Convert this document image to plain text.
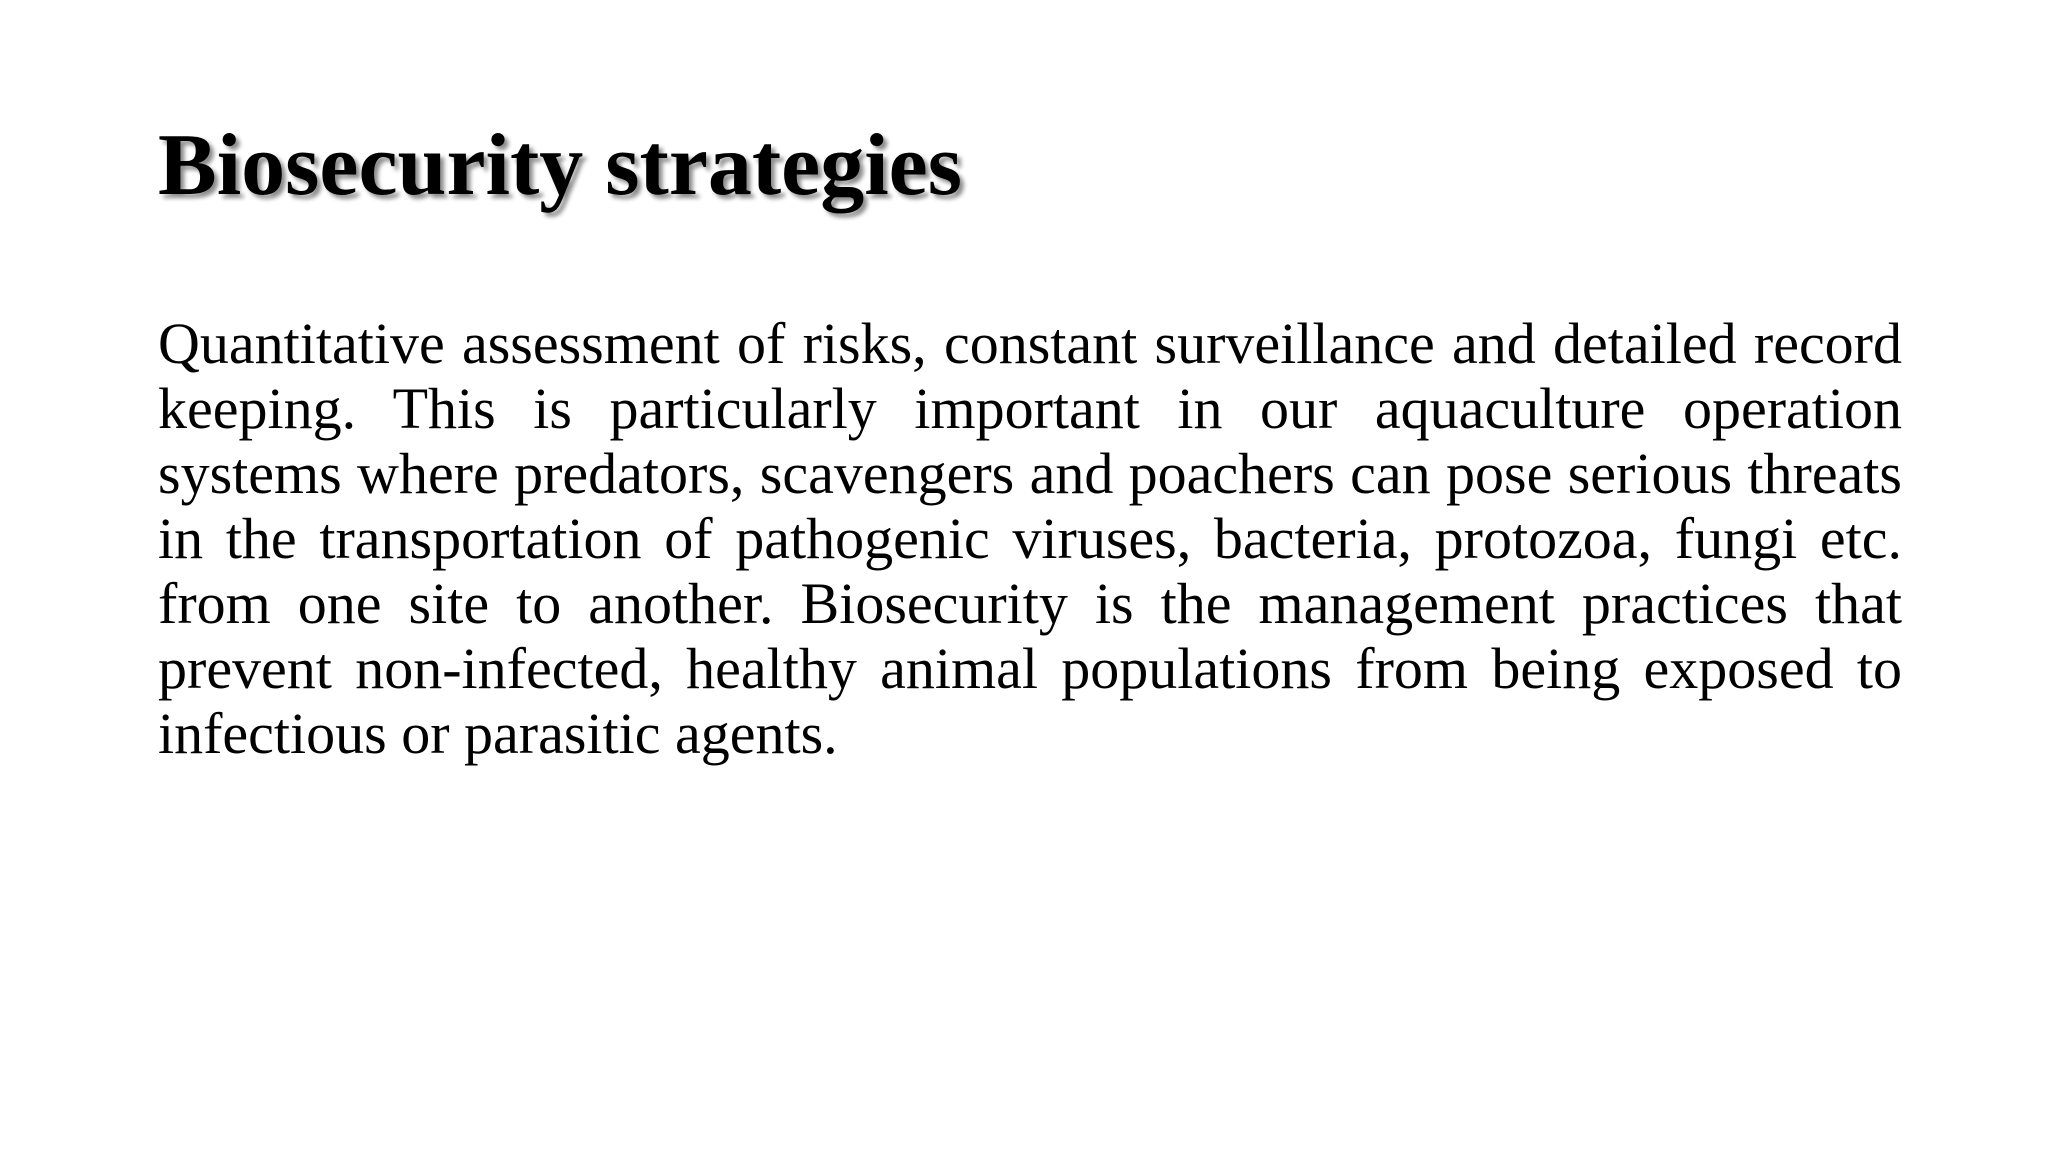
Biosecurity strategies

Quantitative assessment of risks, constant surveillance and detailed record keeping. This is particularly important in our aquaculture operation systems where predators, scavengers and poachers can pose serious threats in the transportation of pathogenic viruses, bacteria, protozoa, fungi etc. from one site to another. Biosecurity is the management practices that prevent non-infected, healthy animal populations from being exposed to infectious or parasitic agents.
